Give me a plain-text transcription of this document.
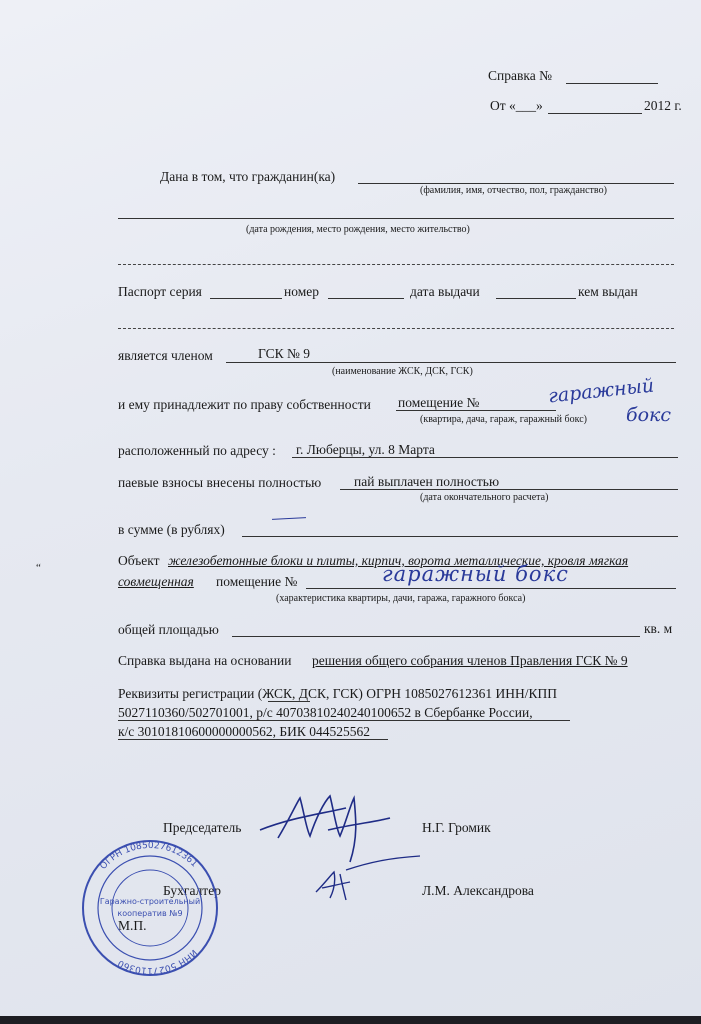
Справка №
От «___»	2012 г.
Дана в том, что гражданин(ка)
(фамилия, имя, отчество, пол, гражданство)
(дата рождения, место рождения, место жительство)
Паспорт серия	номер	дата выдачи	кем выдан
является членом	ГСК № 9
(наименование ЖСК, ДСК, ГСК)
и ему принадлежит по праву собственности помещение №
(квартира, дача, гараж, гаражный бокс)
гаражный
бокс
расположенный по адресу : г. Люберцы, ул. 8 Марта
паевые взносы внесены полностью пай выплачен полностью
(дата окончательного расчета)
в сумме (в рублях)
Объект железобетонные блоки и плиты, кирпич, ворота металлические, кровля мягкая
совмещенная помещение №	гаражный бокс
(характеристика квартиры, дачи, гаража, гаражного бокса)
“
общей площадью	кв. м
Справка выдана на основании решения общего собрания членов Правления ГСК № 9
Реквизиты регистрации (ЖСК, ДСК, ГСК) ОГРН 1085027612361 ИНН/КПП
5027110360/502701001, р/с 40703810240240100652 в Сбербанке России,
к/с 30101810600000000562, БИК 044525562
Председатель	Н.Г. Громик
Бухгалтер	Л.М. Александрова
М.П.
ОГРН 1085027612361
ИНН 5027110360
Гаражно-строительный
кооператив №9
